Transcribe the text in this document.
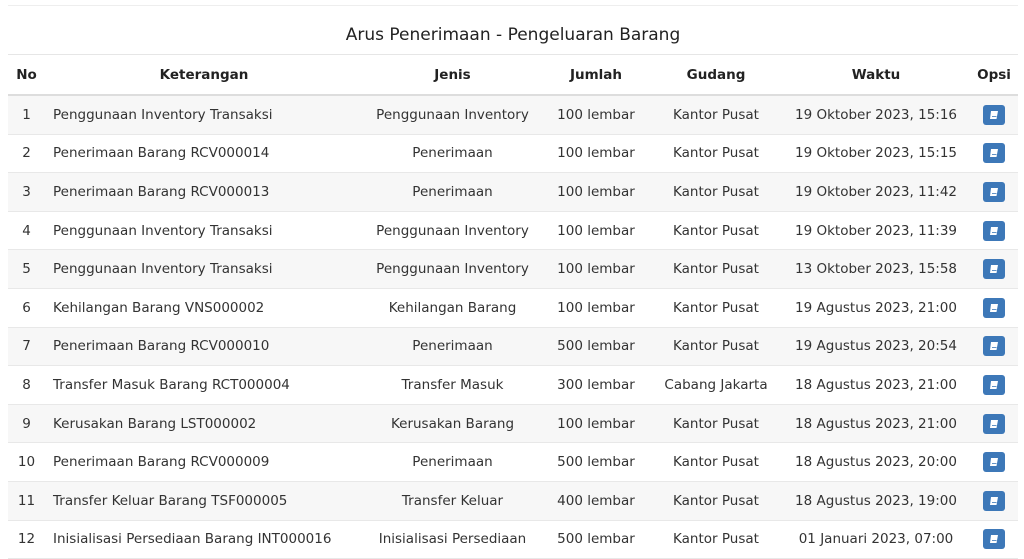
Arus Penerimaan - Pengeluaran Barang
No	Keterangan	Jenis	Jumlah	Gudang	Waktu	Opsi
1	Penggunaan Inventory Transaksi	Penggunaan Inventory	100 lembar	Kantor Pusat	19 Oktober 2023, 15:16	

2	Penerimaan Barang RCV000014	Penerimaan	100 lembar	Kantor Pusat	19 Oktober 2023, 15:15	

3	Penerimaan Barang RCV000013	Penerimaan	100 lembar	Kantor Pusat	19 Oktober 2023, 11:42	

4	Penggunaan Inventory Transaksi	Penggunaan Inventory	100 lembar	Kantor Pusat	19 Oktober 2023, 11:39	

5	Penggunaan Inventory Transaksi	Penggunaan Inventory	100 lembar	Kantor Pusat	13 Oktober 2023, 15:58	

6	Kehilangan Barang VNS000002	Kehilangan Barang	100 lembar	Kantor Pusat	19 Agustus 2023, 21:00	

7	Penerimaan Barang RCV000010	Penerimaan	500 lembar	Kantor Pusat	19 Agustus 2023, 20:54	

8	Transfer Masuk Barang RCT000004	Transfer Masuk	300 lembar	Cabang Jakarta	18 Agustus 2023, 21:00	

9	Kerusakan Barang LST000002	Kerusakan Barang	100 lembar	Kantor Pusat	18 Agustus 2023, 21:00	

10	Penerimaan Barang RCV000009	Penerimaan	500 lembar	Kantor Pusat	18 Agustus 2023, 20:00	

11	Transfer Keluar Barang TSF000005	Transfer Keluar	400 lembar	Kantor Pusat	18 Agustus 2023, 19:00	

12	Inisialisasi Persediaan Barang INT000016	Inisialisasi Persediaan	500 lembar	Kantor Pusat	01 Januari 2023, 07:00	
